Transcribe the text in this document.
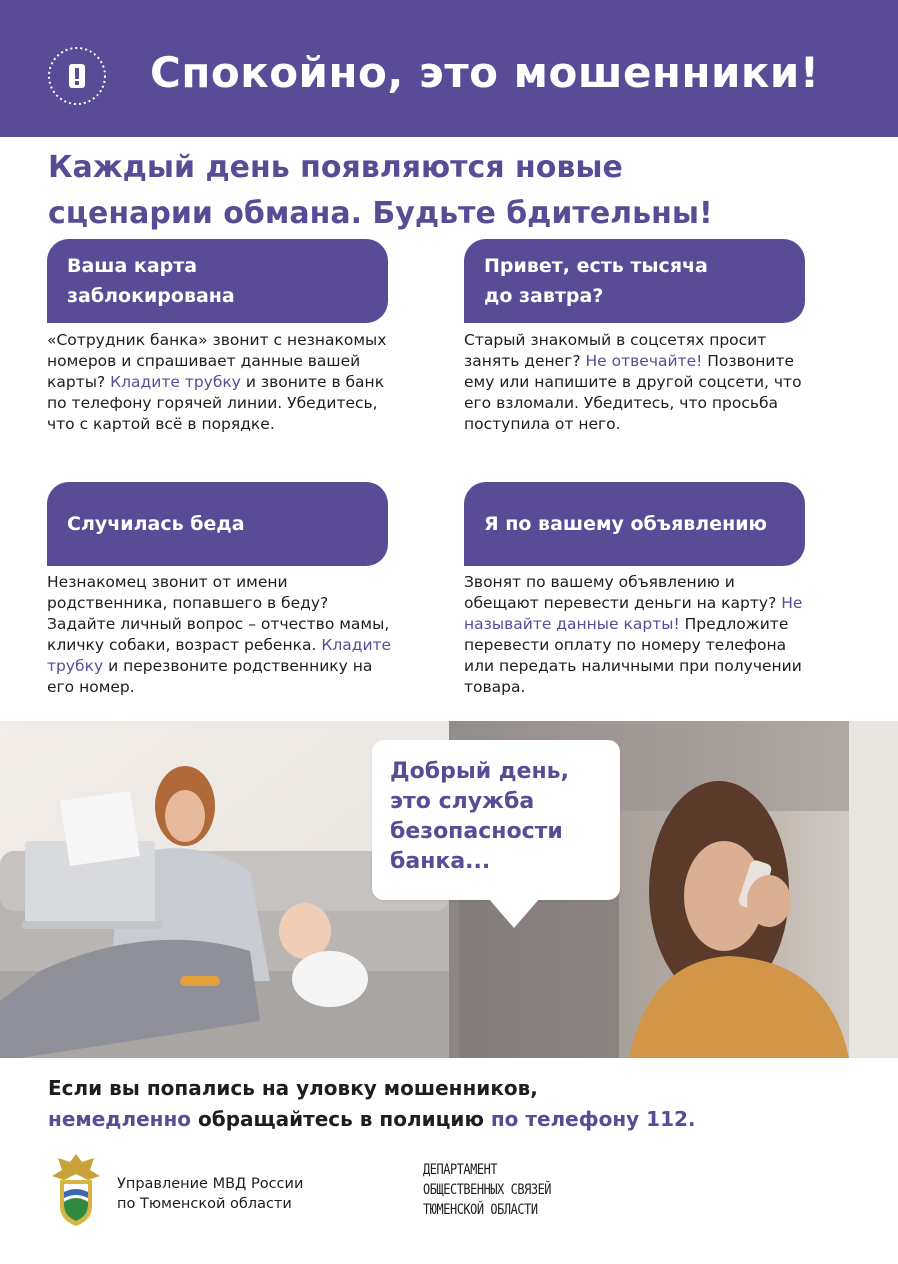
Спокойно, это мошенники!
Каждый день появляются новые
сценарии обмана. Будьте бдительны!
Ваша карта
заблокирована
«Сотрудник банка» звонит с незнакомых номеров и спрашивает данные вашей карты? Кладите трубку и звоните в банк по телефону горячей линии. Убедитесь, что с картой всё в порядке.
Привет, есть тысяча
до завтра?
Старый знакомый в соцсетях просит занять денег? Не отвечайте! Позвоните ему или напишите в другой соцсети, что его взломали. Убедитесь, что просьба поступила от него.
Случилась беда
Незнакомец звонит от имени родственника, попавшего в беду? Задайте личный вопрос – отчество мамы, кличку собаки, возраст ребенка. Кладите трубку и перезвоните родственнику на его номер.
Я по вашему объявлению
Звонят по вашему объявлению и обещают перевести деньги на карту? Не называйте данные карты! Предложите перевести оплату по номеру телефона или передать наличными при получении товара.
Добрый день,
это служба
безопасности
банка...
Если вы попались на уловку мошенников,
немедленно обращайтесь в полицию по телефону 112.
Управление МВД России
по Тюменской области
ДЕПАРТАМЕНТ
ОБЩЕСТВЕННЫХ СВЯЗЕЙ
ТЮМЕНСКОЙ ОБЛАСТИ
